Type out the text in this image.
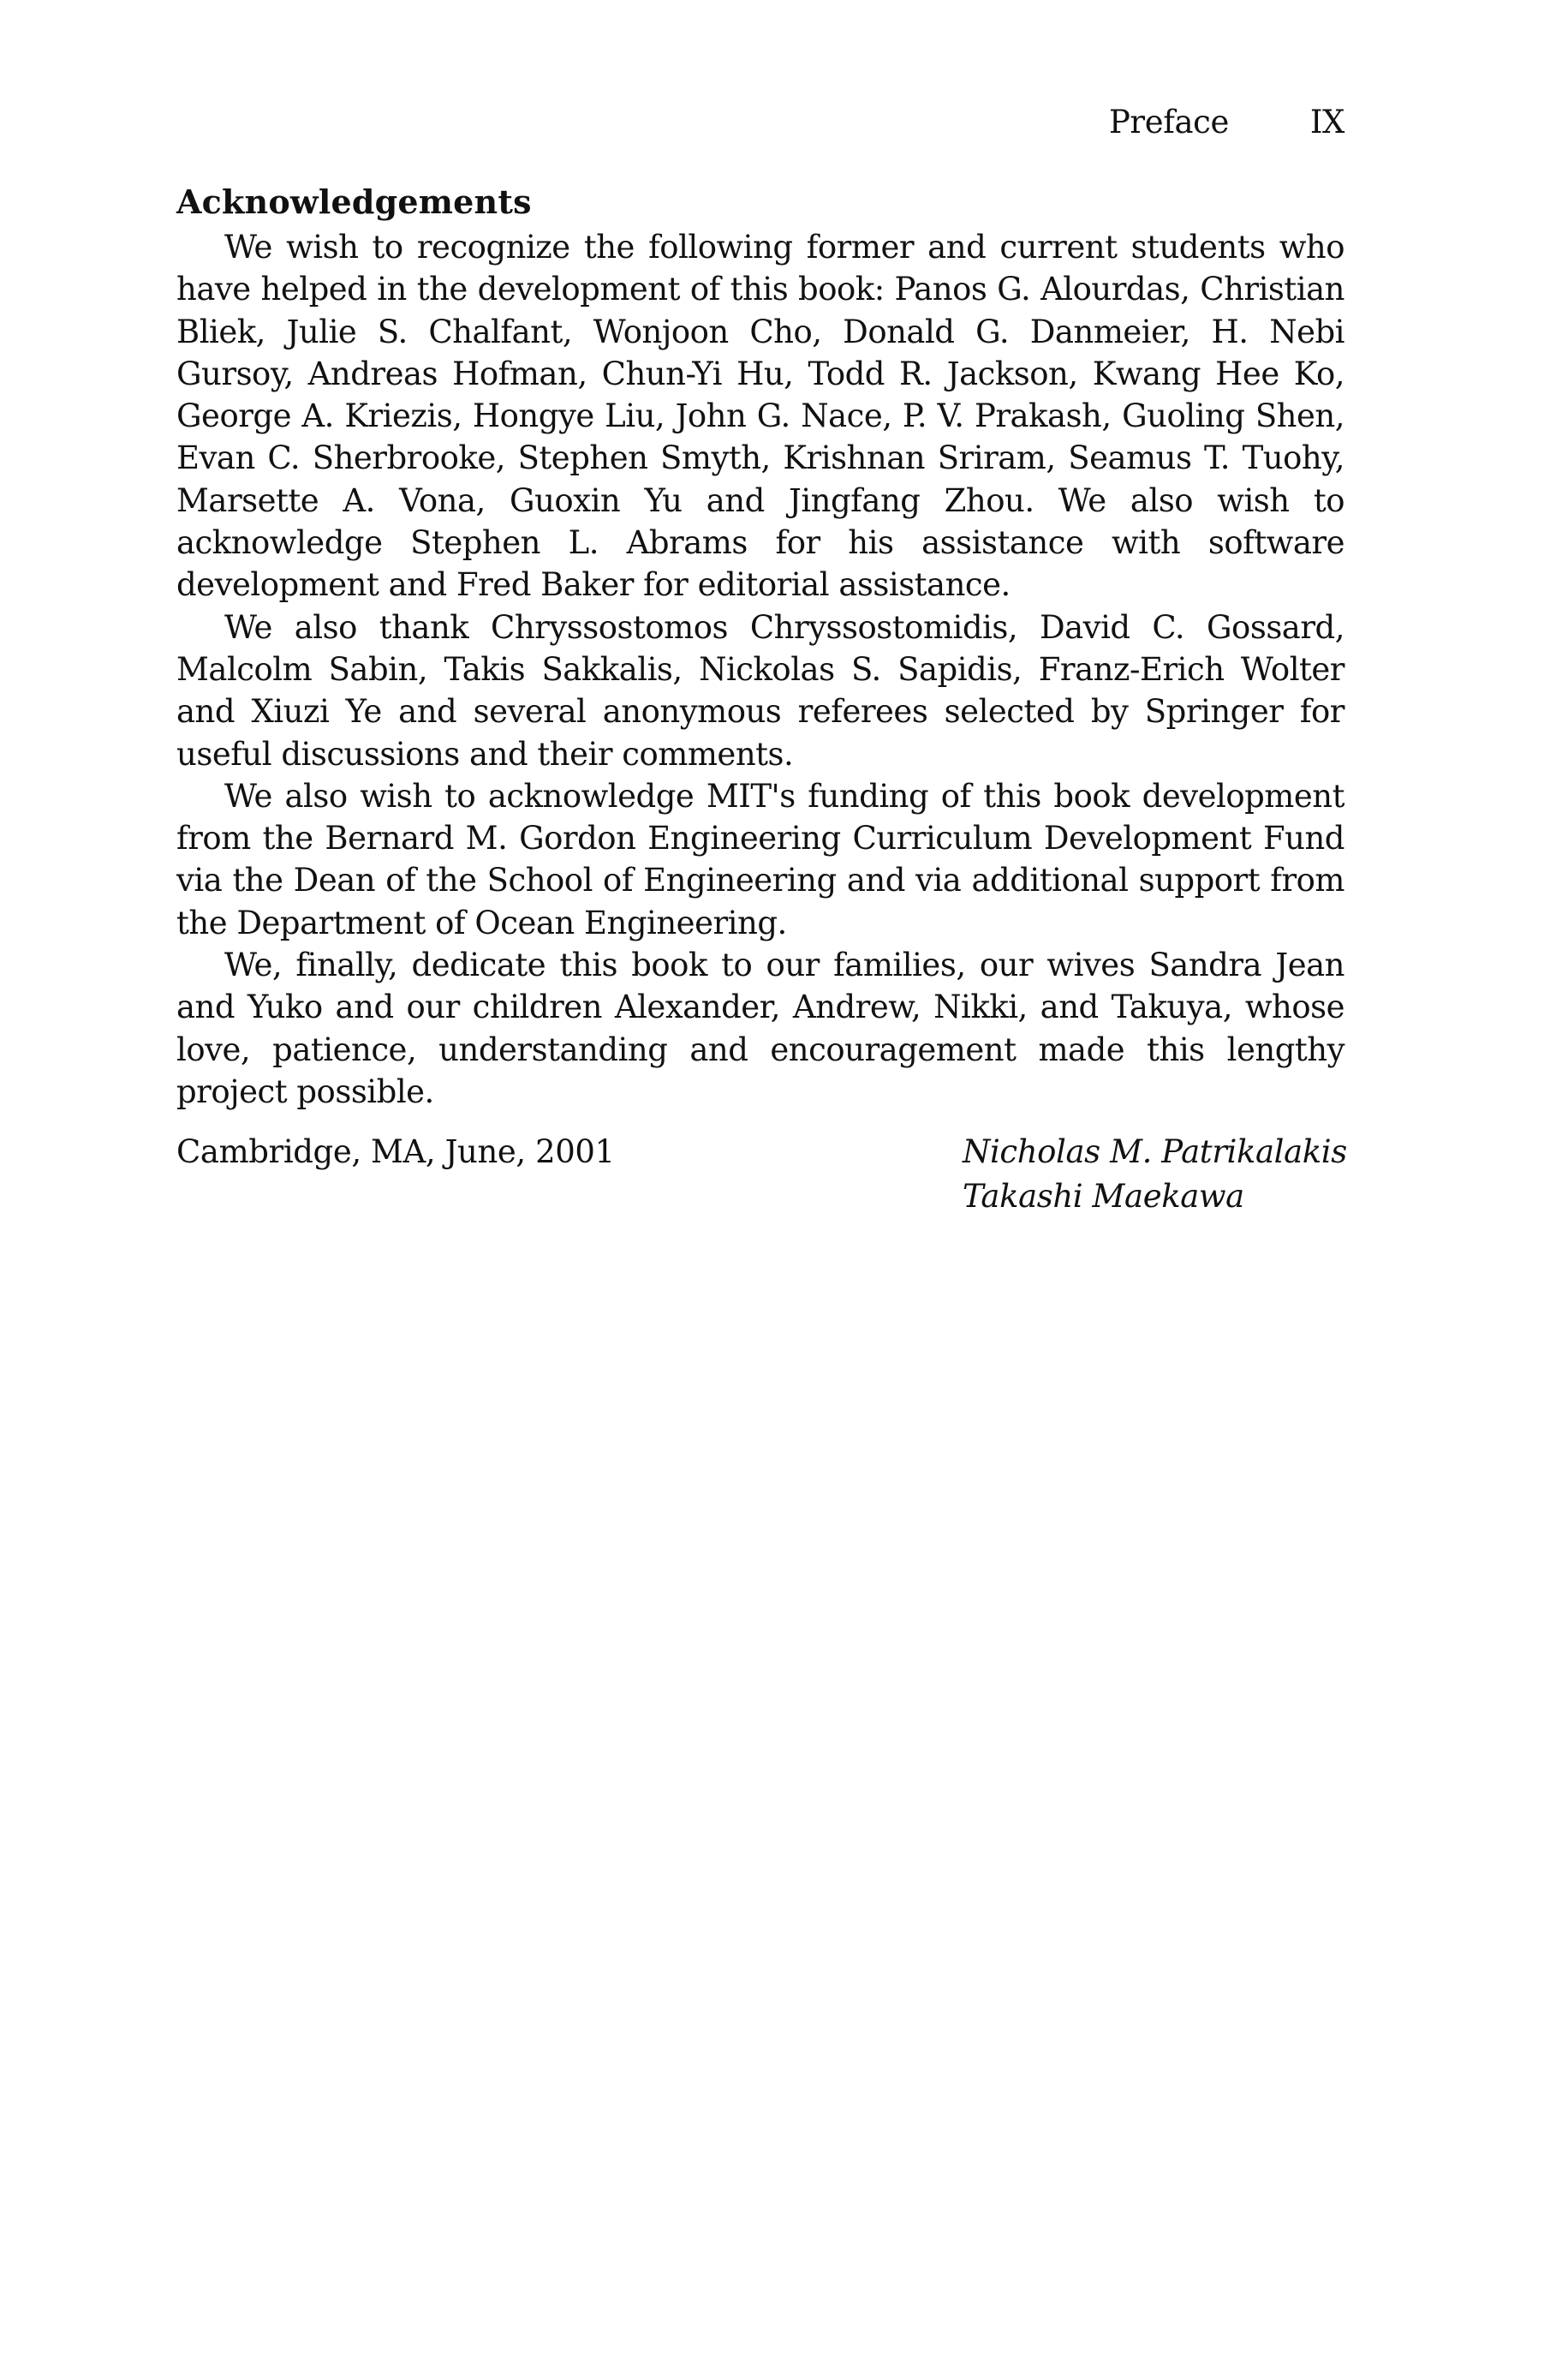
Preface	IX
Acknowledgements

We wish to recognize the following former and current students who have helped in the development of this book: Panos G. Alourdas, Christian Bliek, Julie S. Chalfant, Wonjoon Cho, Donald G. Danmeier, H. Nebi Gursoy, Andreas Hofman, Chun-Yi Hu, Todd R. Jackson, Kwang Hee Ko, George A. Kriezis, Hongye Liu, John G. Nace, P. V. Prakash, Guoling Shen, Evan C. Sherbrooke, Stephen Smyth, Krishnan Sriram, Seamus T. Tuohy, Marsette A. Vona, Guoxin Yu and Jingfang Zhou. We also wish to acknowledge Stephen L. Abrams for his assistance with software development and Fred Baker for editorial assistance.

We also thank Chryssostomos Chryssostomidis, David C. Gossard, Malcolm Sabin, Takis Sakkalis, Nickolas S. Sapidis, Franz-Erich Wolter and Xiuzi Ye and several anonymous referees selected by Springer for useful discussions and their comments.

We also wish to acknowledge MIT's funding of this book development from the Bernard M. Gordon Engineering Curriculum Development Fund via the Dean of the School of Engineering and via additional support from the Department of Ocean Engineering.

We, finally, dedicate this book to our families, our wives Sandra Jean and Yuko and our children Alexander, Andrew, Nikki, and Takuya, whose love, patience, understanding and encouragement made this lengthy project possible.

Cambridge, MA, June, 2001	Nicholas M. Patrikalakis
Takashi Maekawa
